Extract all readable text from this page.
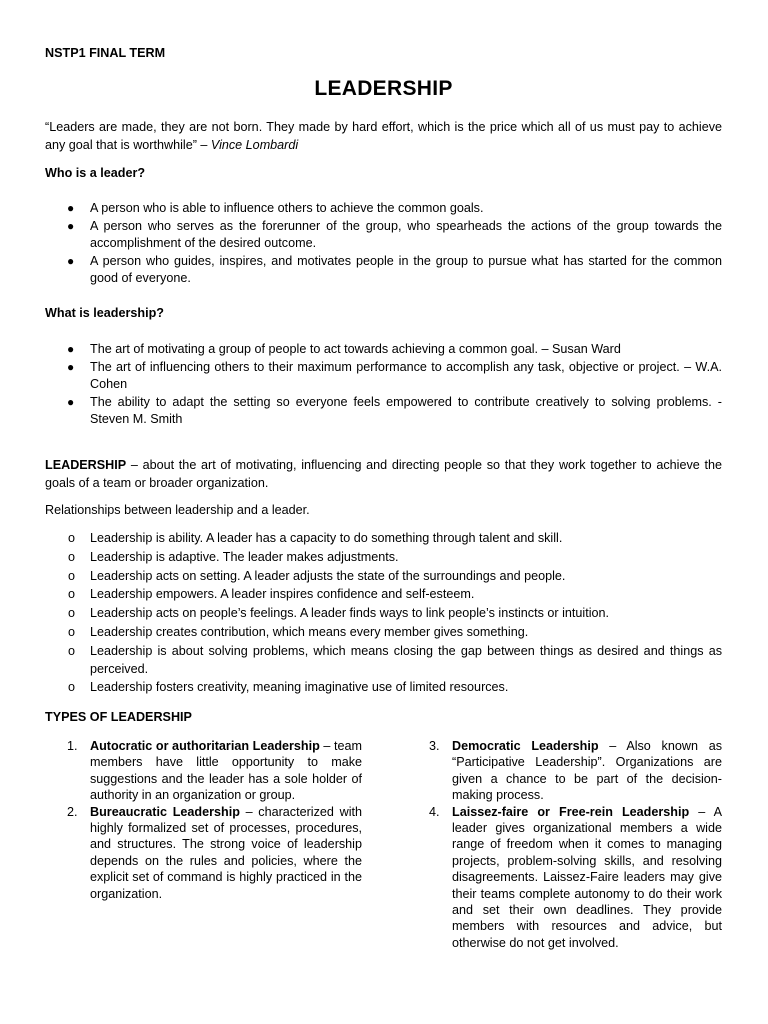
NSTP1 FINAL TERM
LEADERSHIP
“Leaders are made, they are not born. They made by hard effort, which is the price which all of us must pay to achieve any goal that is worthwhile” – Vince Lombardi
Who is a leader?
● A person who is able to influence others to achieve the common goals.
● A person who serves as the forerunner of the group, who spearheads the actions of the group towards the accomplishment of the desired outcome.
● A person who guides, inspires, and motivates people in the group to pursue what has started for the common good of everyone.
What is leadership?
● The art of motivating a group of people to act towards achieving a common goal. – Susan Ward
● The art of influencing others to their maximum performance to accomplish any task, objective or project. – W.A. Cohen
● The ability to adapt the setting so everyone feels empowered to contribute creatively to solving problems. - Steven M. Smith
LEADERSHIP – about the art of motivating, influencing and directing people so that they work together to achieve the goals of a team or broader organization.
Relationships between leadership and a leader.
o Leadership is ability. A leader has a capacity to do something through talent and skill.
o Leadership is adaptive. The leader makes adjustments.
o Leadership acts on setting. A leader adjusts the state of the surroundings and people.
o Leadership empowers. A leader inspires confidence and self-esteem.
o Leadership acts on people’s feelings. A leader finds ways to link people’s instincts or intuition.
o Leadership creates contribution, which means every member gives something.
o Leadership is about solving problems, which means closing the gap between things as desired and things as perceived.
o Leadership fosters creativity, meaning imaginative use of limited resources.
TYPES OF LEADERSHIP
1. Autocratic or authoritarian Leadership – team members have little opportunity to make suggestions and the leader has a sole holder of authority in an organization or group.
2. Bureaucratic Leadership – characterized with highly formalized set of processes, procedures, and structures. The strong voice of leadership depends on the rules and policies, where the explicit set of command is highly practiced in the organization.
3. Democratic Leadership – Also known as “Participative Leadership”. Organizations are given a chance to be part of the decision-making process.
4. Laissez-faire or Free-rein Leadership – A leader gives organizational members a wide range of freedom when it comes to managing projects, problem-solving skills, and resolving disagreements. Laissez-Faire leaders may give their teams complete autonomy to do their work and set their own deadlines. They provide members with resources and advice, but otherwise do not get involved.
